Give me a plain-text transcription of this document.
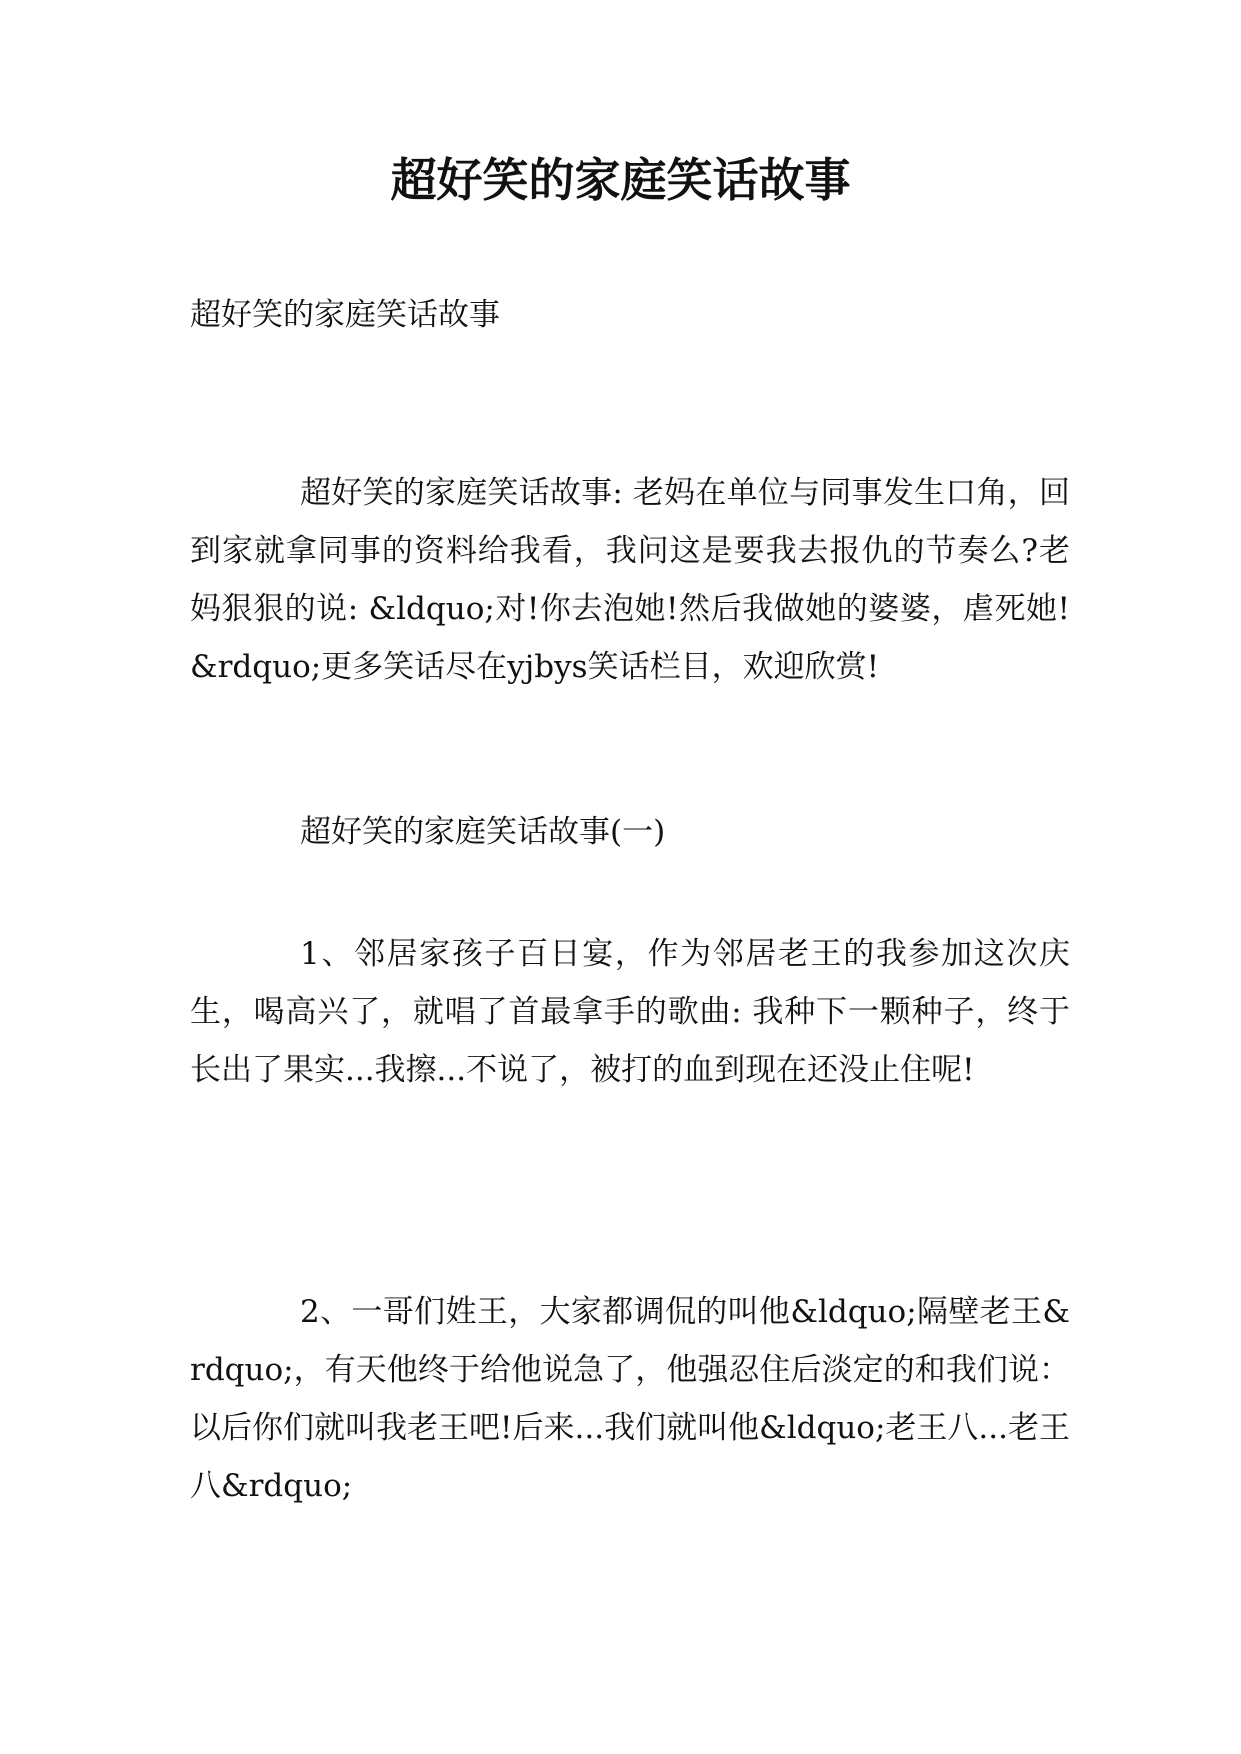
超好笑的家庭笑话故事

超好笑的家庭笑话故事

超好笑的家庭笑话故事: 老妈在单位与同事发生口角，回到家就拿同事的资料给我看，我问这是要我去报仇的节奏么?老妈狠狠的说: &ldquo;对!你去泡她!然后我做她的婆婆，虐死她!&rdquo;更多笑话尽在yjbys笑话栏目，欢迎欣赏!

超好笑的家庭笑话故事(一)

1、邻居家孩子百日宴，作为邻居老王的我参加这次庆生，喝高兴了，就唱了首最拿手的歌曲: 我种下一颗种子，终于长出了果实...我擦...不说了，被打的血到现在还没止住呢!

2、一哥们姓王，大家都调侃的叫他&ldquo;隔壁老王&rdquo;，有天他终于给他说急了，他强忍住后淡定的和我们说：以后你们就叫我老王吧!后来...我们就叫他&ldquo;老王八...老王八&rdquo;
